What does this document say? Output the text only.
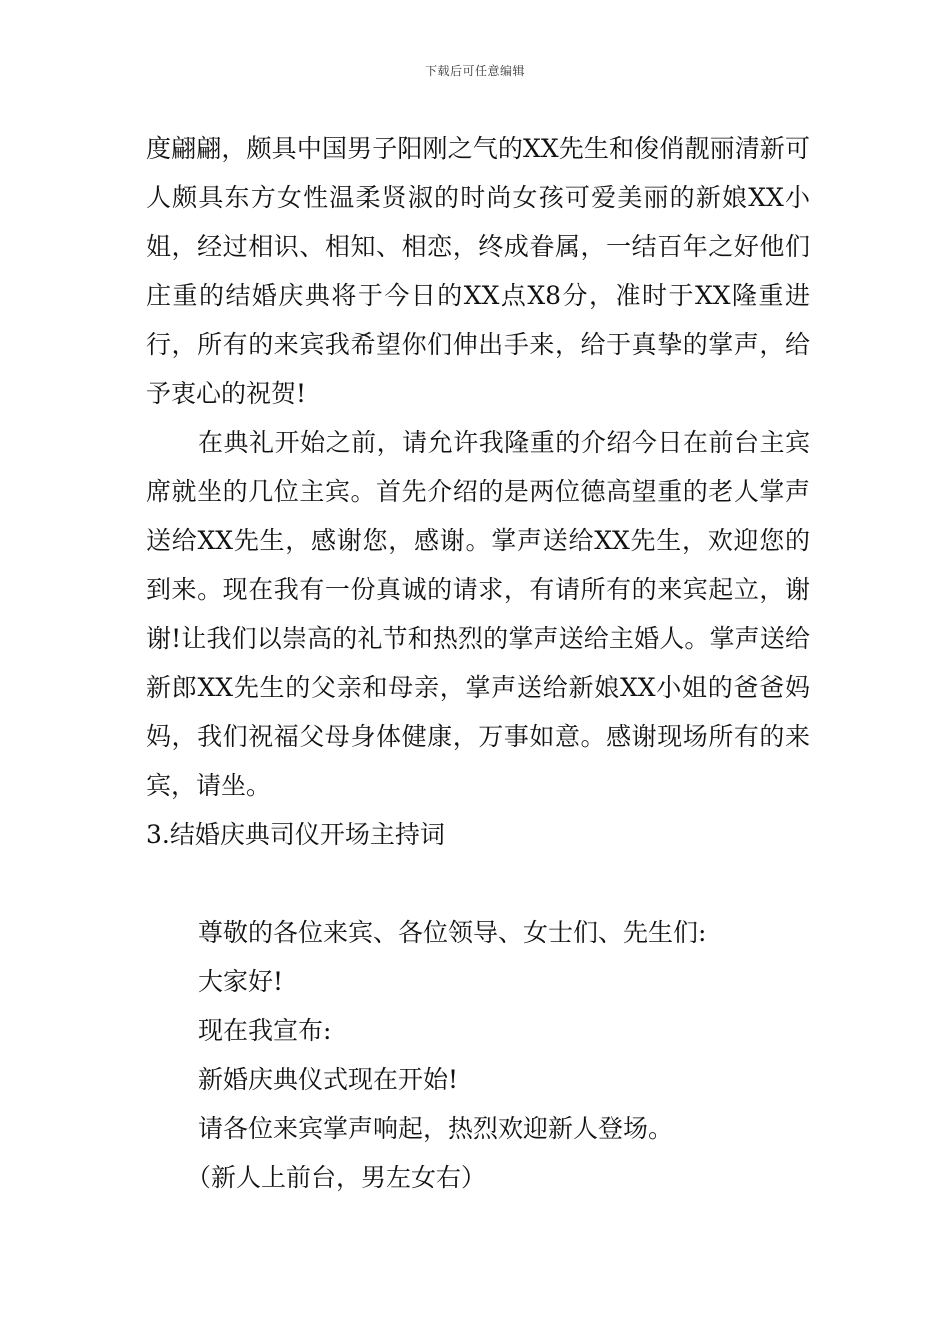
下载后可任意编辑

度翩翩，颇具中国男子阳刚之气的XX先生和俊俏靓丽清新可人颇具东方女性温柔贤淑的时尚女孩可爱美丽的新娘XX小姐，经过相识、相知、相恋，终成眷属，一结百年之好他们庄重的结婚庆典将于今日的XX点X8分，准时于XX隆重进行，所有的来宾我希望你们伸出手来，给于真挚的掌声，给予衷心的祝贺!

在典礼开始之前，请允许我隆重的介绍今日在前台主宾席就坐的几位主宾。首先介绍的是两位德高望重的老人掌声送给XX先生，感谢您，感谢。掌声送给XX先生，欢迎您的到来。现在我有一份真诚的请求，有请所有的来宾起立，谢谢!让我们以崇高的礼节和热烈的掌声送给主婚人。掌声送给新郎XX先生的父亲和母亲，掌声送给新娘XX小姐的爸爸妈妈，我们祝福父母身体健康，万事如意。感谢现场所有的来宾，请坐。

3.结婚庆典司仪开场主持词

尊敬的各位来宾、各位领导、女士们、先生们:

大家好!

现在我宣布:

新婚庆典仪式现在开始!

请各位来宾掌声响起，热烈欢迎新人登场。

（新人上前台，男左女右）
